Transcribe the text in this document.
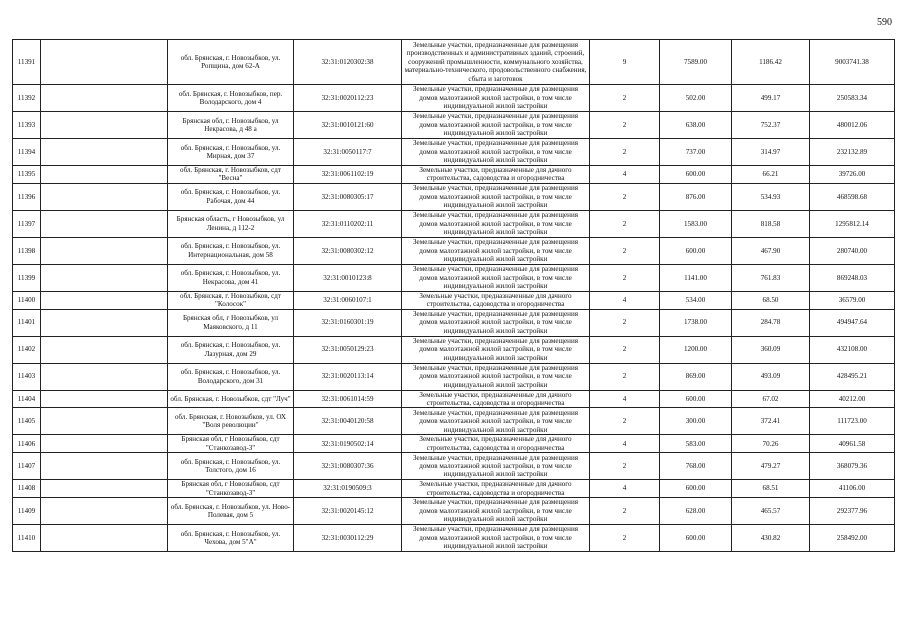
590
11391		обл. Брянская, г. Новозыбков, ул. Ропщина, дом 62-А	32:31:0120302:38	Земельные участки, предназначенные для размещения производственных и административных зданий, строений, сооружений промышленности, коммунального хозяйства, материально-технического, продовольственного снабжения, сбыта и заготовок	9	7589.00	1186.42	9003741.38
11392		обл. Брянская, г. Новозыбков, пер. Володарского, дом 4	32:31:0020112:23	Земельные участки, предназначенные для размещения домов малоэтажной жилой застройки, в том числе индивидуальной жилой застройки	2	502.00	499.17	250583.34
11393		Брянская обл, г. Новозыбков, ул Некрасова, д 48 а	32:31:0010121:60	Земельные участки, предназначенные для размещения домов малоэтажной жилой застройки, в том числе индивидуальной жилой застройки	2	638.00	752.37	480012.06
11394		обл. Брянская, г. Новозыбков, ул. Мирная, дом 37	32:31:0050117:7	Земельные участки, предназначенные для размещения домов малоэтажной жилой застройки, в том числе индивидуальной жилой застройки	2	737.00	314.97	232132.89
11395		обл. Брянская, г. Новозыбков, сдт "Весна"	32:31:0061102:19	Земельные участки, предназначенные для дачного строительства, садоводства и огородничества	4	600.00	66.21	39726.00
11396		обл. Брянская, г. Новозыбков, ул. Рабочая, дом 44	32:31:0080305:17	Земельные участки, предназначенные для размещения домов малоэтажной жилой застройки, в том числе индивидуальной жилой застройки	2	876.00	534.93	468598.68
11397		Брянская область, г Новозыбков, ул Ленина, д 112-2	32:31:0110202:11	Земельные участки, предназначенные для размещения домов малоэтажной жилой застройки, в том числе индивидуальной жилой застройки	2	1583.00	818.58	1295812.14
11398		обл. Брянская, г. Новозыбков, ул. Интернациональная, дом 58	32:31:0080302:12	Земельные участки, предназначенные для размещения домов малоэтажной жилой застройки, в том числе индивидуальной жилой застройки	2	600.00	467.90	280740.00
11399		обл. Брянская, г. Новозыбков, ул. Некрасова, дом 41	32:31:0010123:8	Земельные участки, предназначенные для размещения домов малоэтажной жилой застройки, в том числе индивидуальной жилой застройки	2	1141.00	761.83	869248.03
11400		обл. Брянская, г. Новозыбков, сдт "Колосок"	32:31:0060107:1	Земельные участки, предназначенные для дачного строительства, садоводства и огородничества	4	534.00	68.50	36579.00
11401		Брянская обл, г Новозыбков, ул Маяковского, д 11	32:31:0160301:19	Земельные участки, предназначенные для размещения домов малоэтажной жилой застройки, в том числе индивидуальной жилой застройки	2	1738.00	284.78	494947.64
11402		обл. Брянская, г. Новозыбков, ул. Лазурная, дом 29	32:31:0050129:23	Земельные участки, предназначенные для размещения домов малоэтажной жилой застройки, в том числе индивидуальной жилой застройки	2	1200.00	360.09	432108.00
11403		обл. Брянская, г. Новозыбков, ул. Володарского, дом 31	32:31:0020113:14	Земельные участки, предназначенные для размещения домов малоэтажной жилой застройки, в том числе индивидуальной жилой застройки	2	869.00	493.09	428495.21
11404		обл. Брянская, г. Новозыбков, сдт "Луч"	32:31:0061014:59	Земельные участки, предназначенные для дачного строительства, садоводства и огородничества	4	600.00	67.02	40212.00
11405		обл. Брянская, г. Новозыбков, ул. ОХ "Воля революции"	32:31:0040120:58	Земельные участки, предназначенные для размещения домов малоэтажной жилой застройки, в том числе индивидуальной жилой застройки	2	300.00	372.41	111723.00
11406		Брянская обл, г Новозыбков, сдт "Станкозавод-3"	32:31:0190502:14	Земельные участки, предназначенные для дачного строительства, садоводства и огородничества	4	583.00	70.26	40961.58
11407		обл. Брянская, г. Новозыбков, ул. Толстого, дом 16	32:31:0080307:36	Земельные участки, предназначенные для размещения домов малоэтажной жилой застройки, в том числе индивидуальной жилой застройки	2	768.00	479.27	368079.36
11408		Брянская обл, г Новозыбков, сдт "Станкозавод-3"	32:31:0190509:3	Земельные участки, предназначенные для дачного строительства, садоводства и огородничества	4	600.00	68.51	41106.00
11409		обл. Брянская, г. Новозыбков, ул. Ново-Полевая, дом 5	32:31:0020145:12	Земельные участки, предназначенные для размещения домов малоэтажной жилой застройки, в том числе индивидуальной жилой застройки	2	628.00	465.57	292377.96
11410		обл. Брянская, г. Новозыбков, ул. Чехова, дом 5"А"	32:31:0030112:29	Земельные участки, предназначенные для размещения домов малоэтажной жилой застройки, в том числе индивидуальной жилой застройки	2	600.00	430.82	258492.00
